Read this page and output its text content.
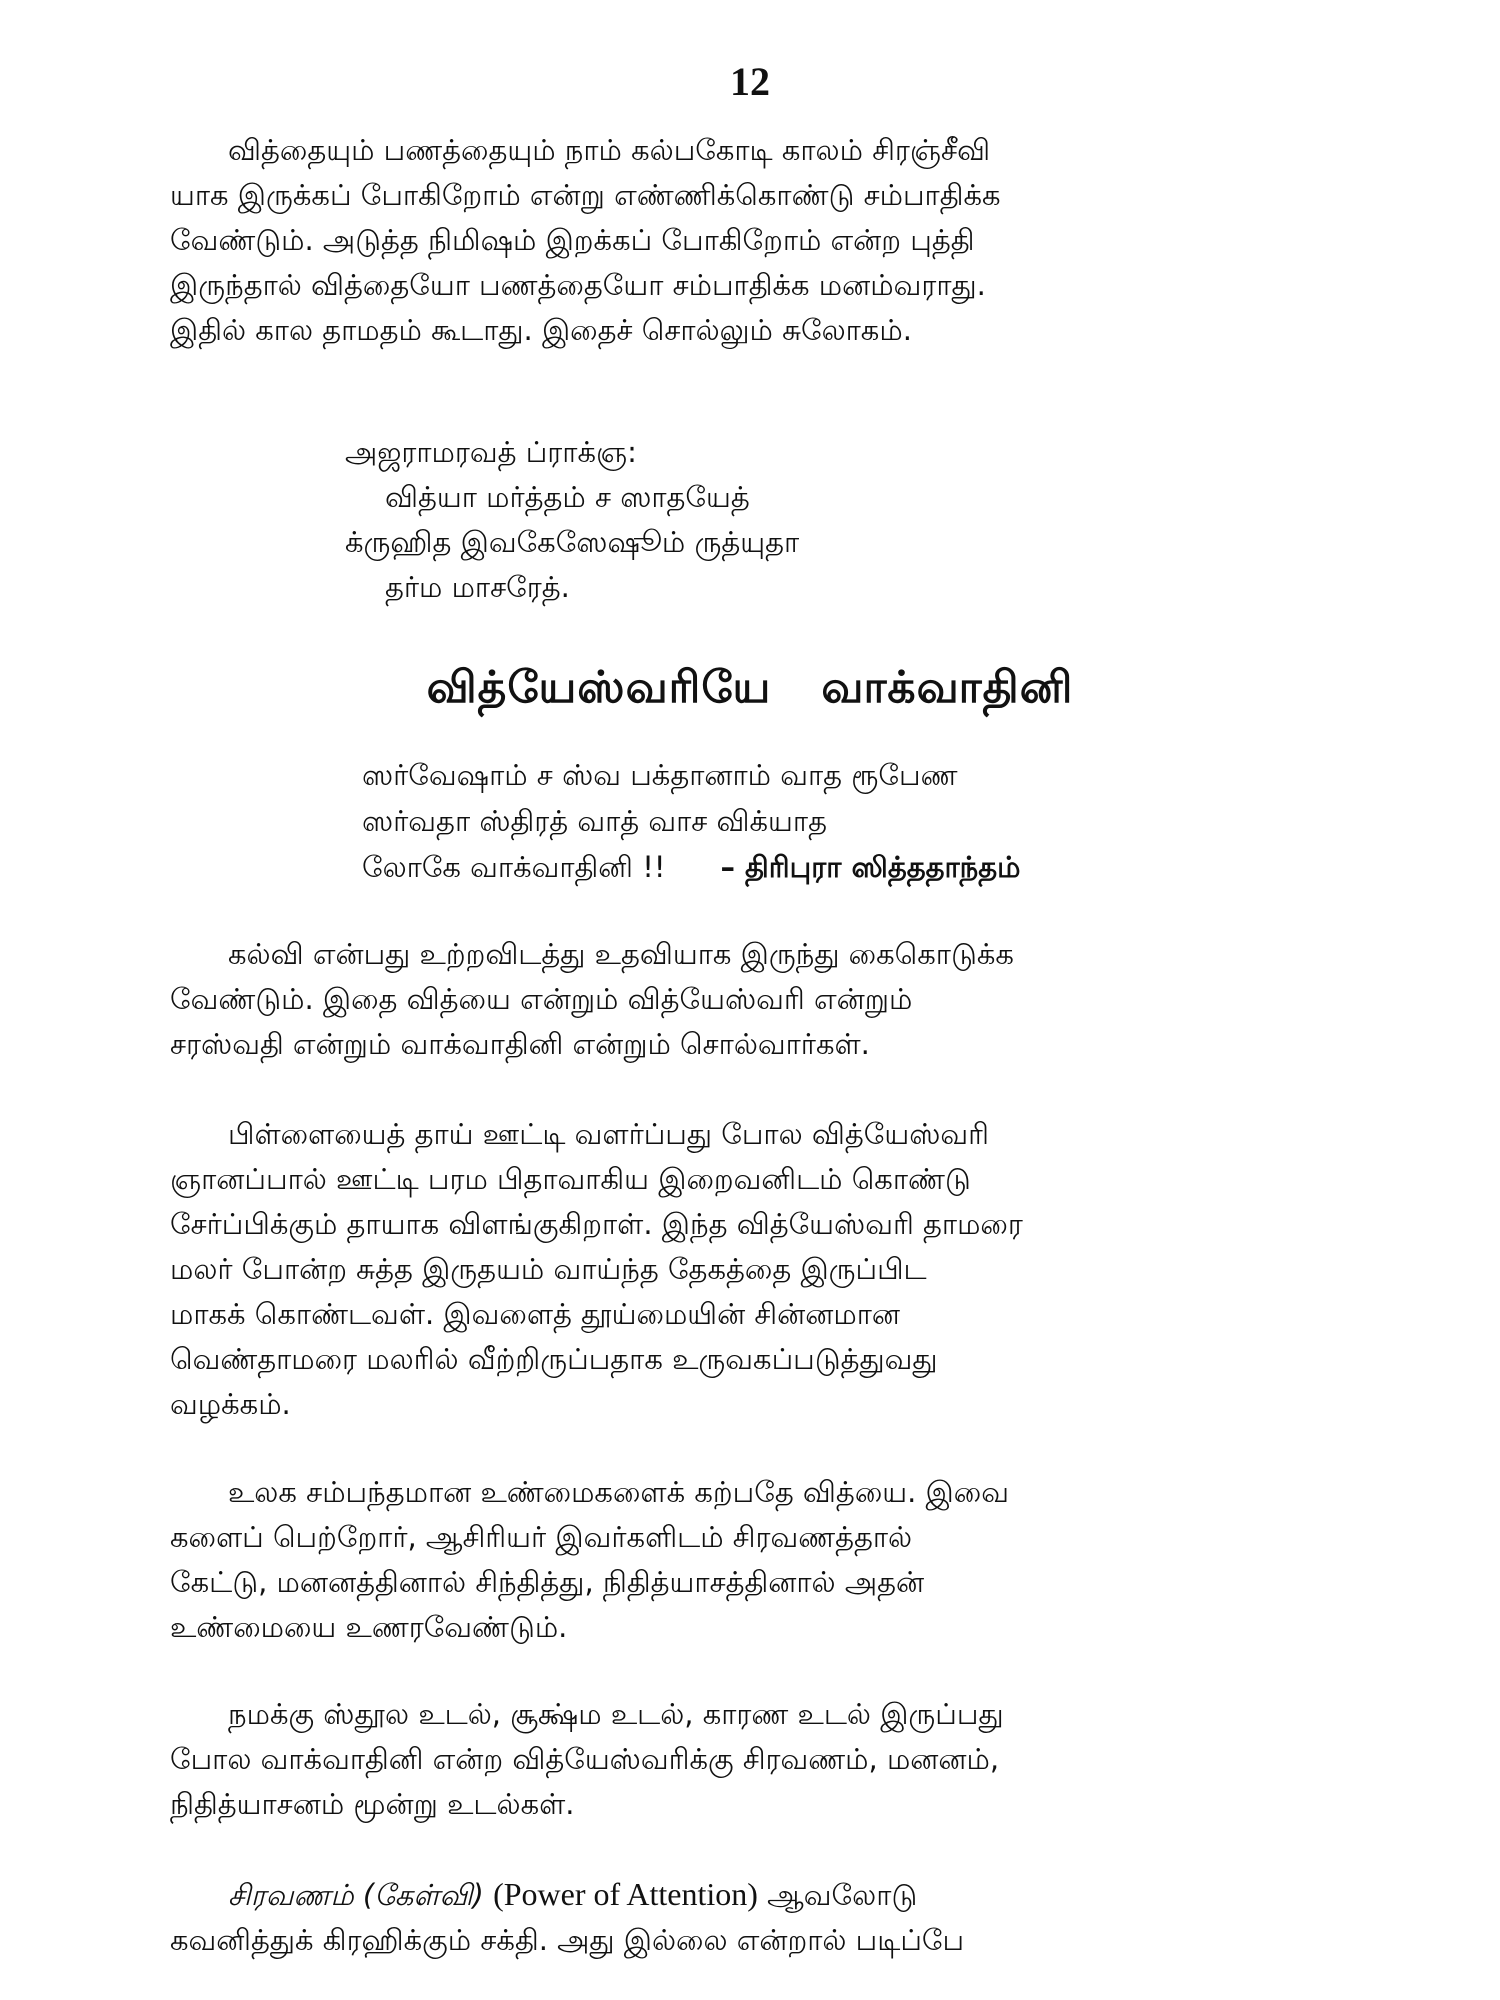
12

வித்தையும் பணத்தையும் நாம் கல்பகோடி காலம் சிரஞ்சீவி
யாக இருக்கப் போகிறோம் என்று எண்ணிக்கொண்டு சம்பாதிக்க
வேண்டும். அடுத்த நிமிஷம் இறக்கப் போகிறோம் என்ற புத்தி
இருந்தால் வித்தையோ பணத்தையோ சம்பாதிக்க மனம்வராது.
இதில் கால தாமதம் கூடாது. இதைச் சொல்லும் சுலோகம்.

அஜராமரவத் ப்ராக்ஞ:
வித்யா மர்த்தம் ச ஸாதயேத்
க்ருஹித இவகேஸேஷூம் ருத்யுதா
தர்ம மாசரேத்.
வித்யேஸ்வரியே வாக்வாதினி
ஸர்வேஷாம் ச ஸ்வ பக்தானாம் வாத ரூபேண
ஸர்வதா ஸ்திரத் வாத் வாச விக்யாத
லோகே வாக்வாதினி !! – திரிபுரா ஸித்ததாந்தம்

கல்வி என்பது உற்றவிடத்து உதவியாக இருந்து கைகொடுக்க
வேண்டும். இதை வித்யை என்றும் வித்யேஸ்வரி என்றும்
சரஸ்வதி என்றும் வாக்வாதினி என்றும் சொல்வார்கள்.

பிள்ளையைத் தாய் ஊட்டி வளர்ப்பது போல வித்யேஸ்வரி
ஞானப்பால் ஊட்டி பரம பிதாவாகிய இறைவனிடம் கொண்டு
சேர்ப்பிக்கும் தாயாக விளங்குகிறாள். இந்த வித்யேஸ்வரி தாமரை
மலர் போன்ற சுத்த இருதயம் வாய்ந்த தேகத்தை இருப்பிட
மாகக் கொண்டவள். இவளைத் தூய்மையின் சின்னமான
வெண்தாமரை மலரில் வீற்றிருப்பதாக உருவகப்படுத்துவது
வழக்கம்.

உலக சம்பந்தமான உண்மைகளைக் கற்பதே வித்யை. இவை
களைப் பெற்றோர், ஆசிரியர் இவர்களிடம் சிரவணத்தால்
கேட்டு, மனனத்தினால் சிந்தித்து, நிதித்யாசத்தினால் அதன்
உண்மையை உணரவேண்டும்.

நமக்கு ஸ்தூல உடல், சூக்ஷ்ம உடல், காரண உடல் இருப்பது
போல வாக்வாதினி என்ற வித்யேஸ்வரிக்கு சிரவணம், மனனம்,
நிதித்யாசனம் மூன்று உடல்கள்.

சிரவணம் (கேள்வி) (Power of Attention) ஆவலோடு
கவனித்துக் கிரஹிக்கும் சக்தி. அது இல்லை என்றால் படிப்பே
